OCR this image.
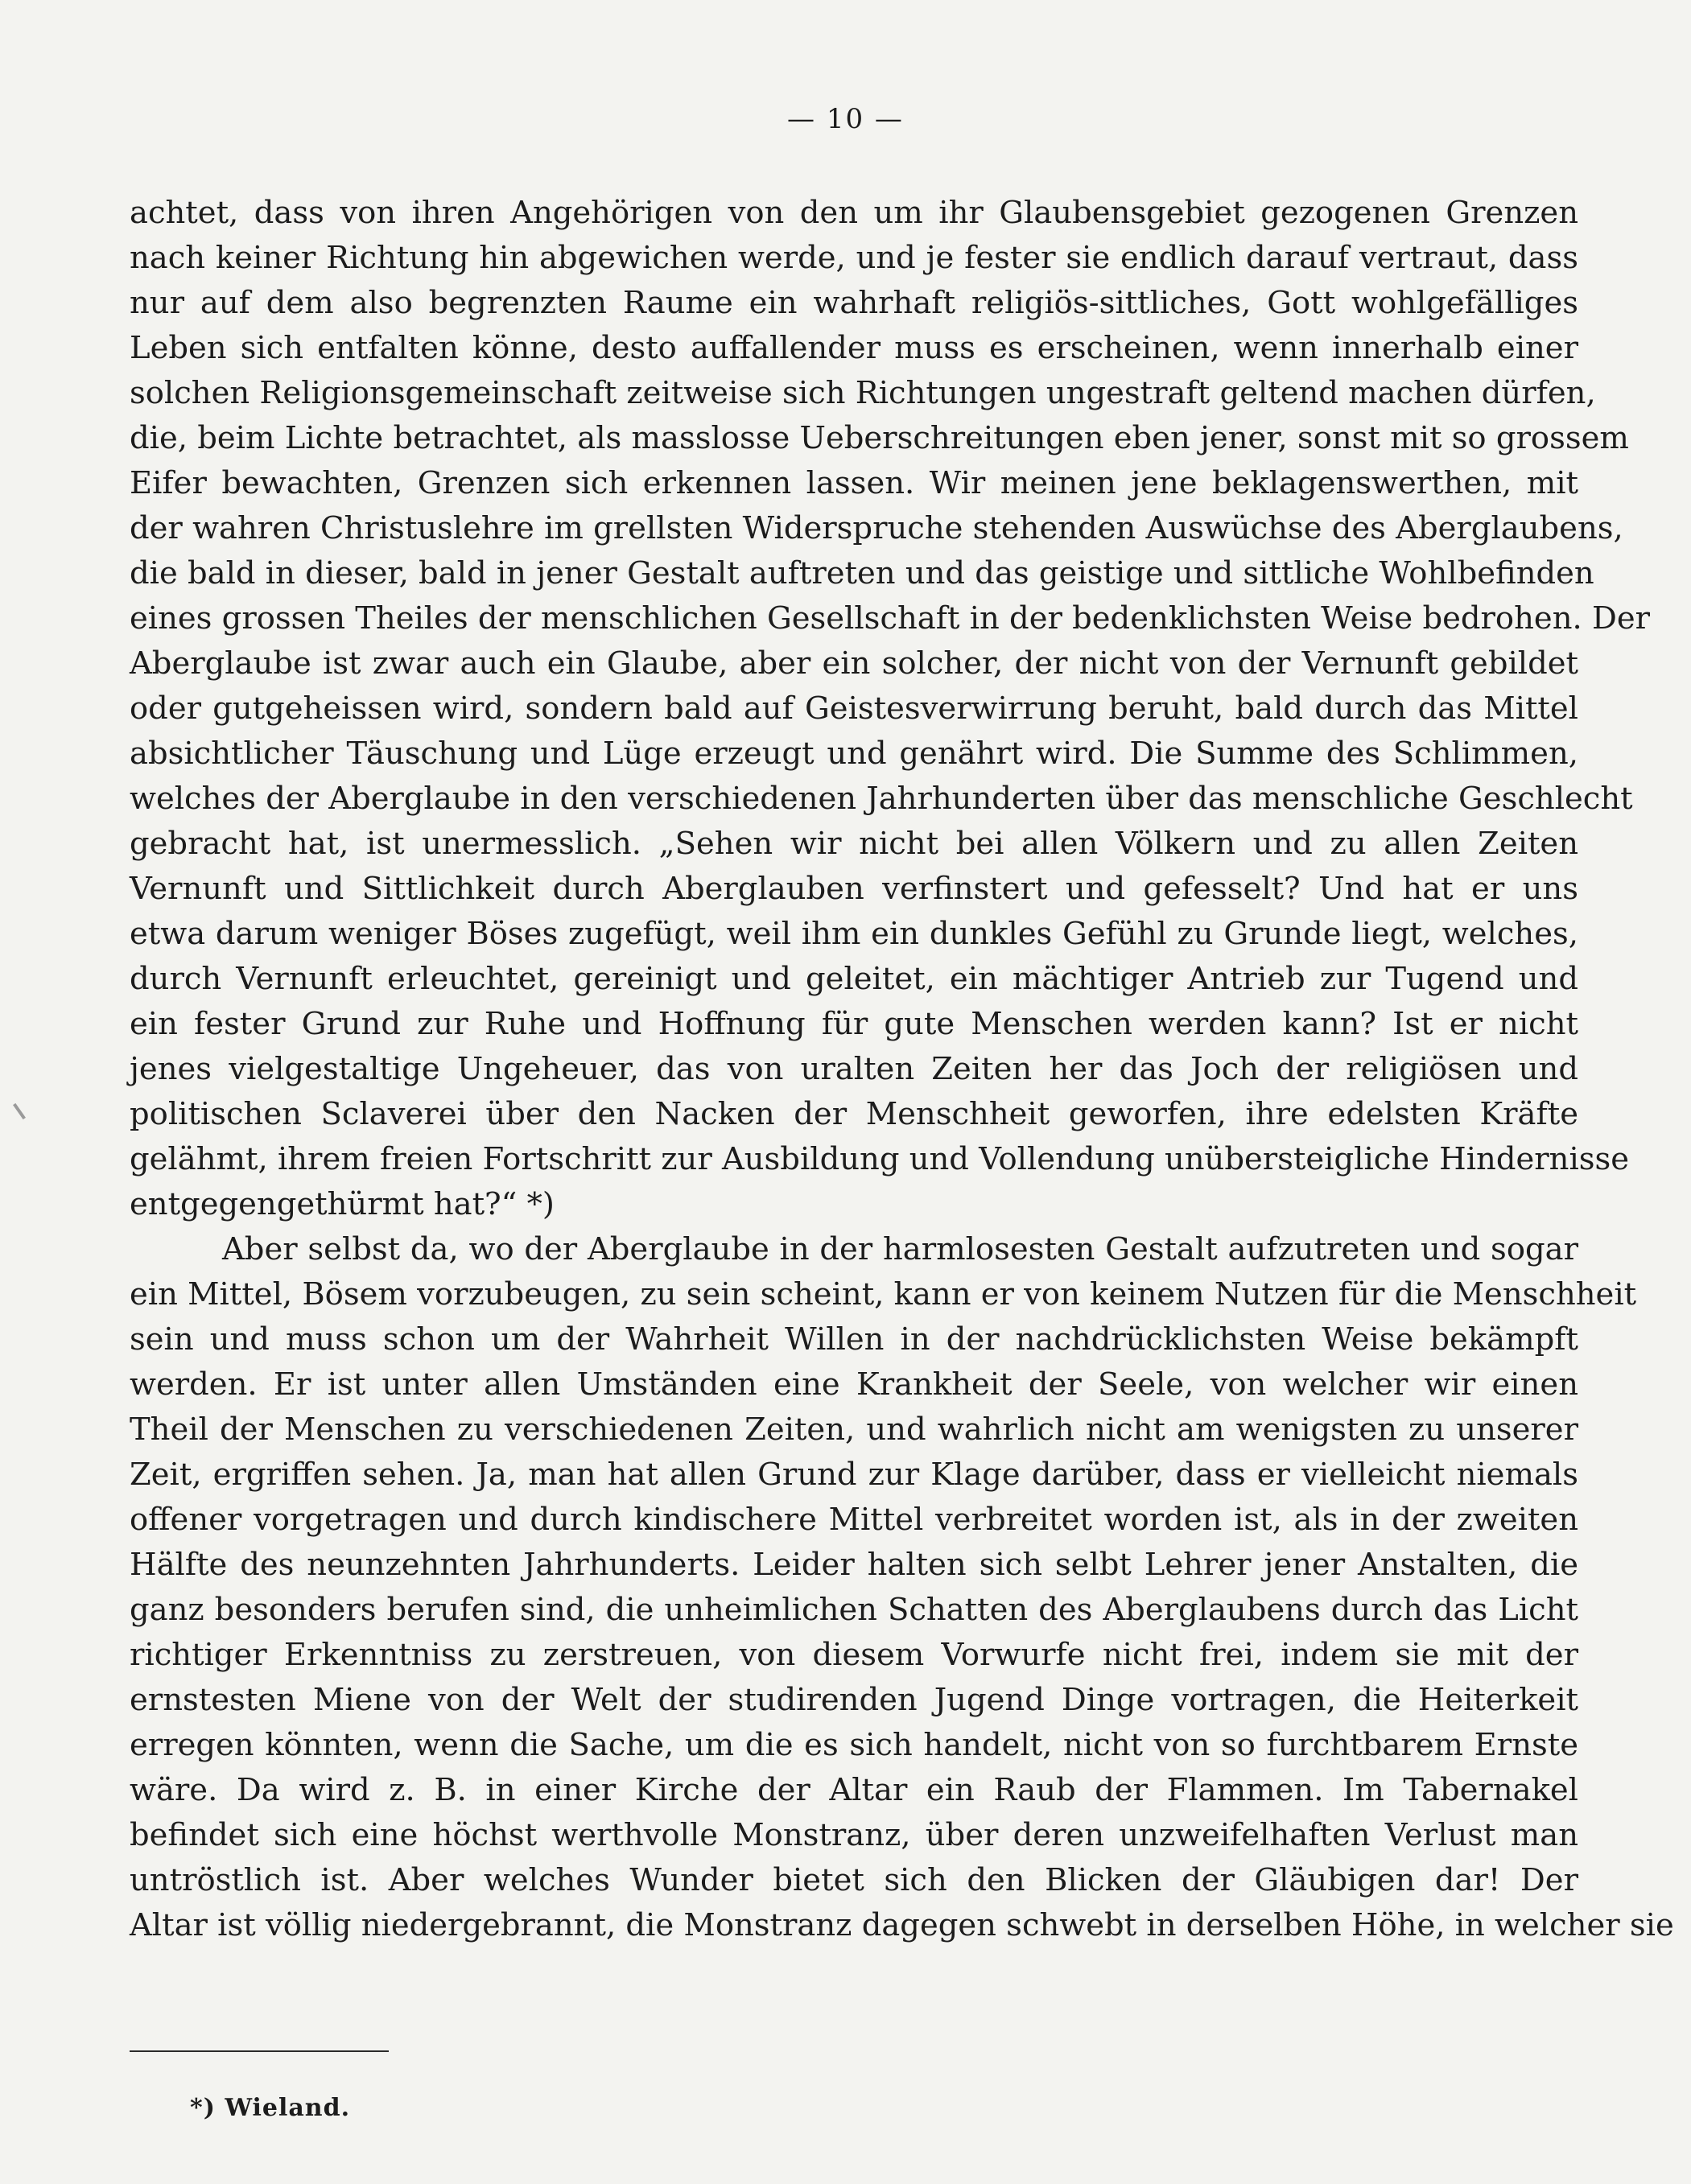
— 10 —
achtet, dass von ihren Angehörigen von den um ihr Glaubensgebiet gezogenen Grenzen
nach keiner Richtung hin abgewichen werde, und je fester sie endlich darauf vertraut, dass
nur auf dem also begrenzten Raume ein wahrhaft religiös-sittliches, Gott wohlgefälliges
Leben sich entfalten könne, desto auffallender muss es erscheinen, wenn innerhalb einer
solchen Religionsgemeinschaft zeitweise sich Richtungen ungestraft geltend machen dürfen,
die, beim Lichte betrachtet, als masslosse Ueberschreitungen eben jener, sonst mit so grossem
Eifer bewachten, Grenzen sich erkennen lassen. Wir meinen jene beklagenswerthen, mit
der wahren Christuslehre im grellsten Widerspruche stehenden Auswüchse des Aberglaubens,
die bald in dieser, bald in jener Gestalt auftreten und das geistige und sittliche Wohlbefinden
eines grossen Theiles der menschlichen Gesellschaft in der bedenklichsten Weise bedrohen. Der
Aberglaube ist zwar auch ein Glaube, aber ein solcher, der nicht von der Vernunft gebildet
oder gutgeheissen wird, sondern bald auf Geistesverwirrung beruht, bald durch das Mittel
absichtlicher Täuschung und Lüge erzeugt und genährt wird. Die Summe des Schlimmen,
welches der Aberglaube in den verschiedenen Jahrhunderten über das menschliche Geschlecht
gebracht hat, ist unermesslich. „Sehen wir nicht bei allen Völkern und zu allen Zeiten
Vernunft und Sittlichkeit durch Aberglauben verfinstert und gefesselt? Und hat er uns
etwa darum weniger Böses zugefügt, weil ihm ein dunkles Gefühl zu Grunde liegt, welches,
durch Vernunft erleuchtet, gereinigt und geleitet, ein mächtiger Antrieb zur Tugend und
ein fester Grund zur Ruhe und Hoffnung für gute Menschen werden kann? Ist er nicht
jenes vielgestaltige Ungeheuer, das von uralten Zeiten her das Joch der religiösen und
politischen Sclaverei über den Nacken der Menschheit geworfen, ihre edelsten Kräfte
gelähmt, ihrem freien Fortschritt zur Ausbildung und Vollendung unübersteigliche Hindernisse
entgegengethürmt hat?“ *)
Aber selbst da, wo der Aberglaube in der harmlosesten Gestalt aufzutreten und sogar
ein Mittel, Bösem vorzubeugen, zu sein scheint, kann er von keinem Nutzen für die Menschheit
sein und muss schon um der Wahrheit Willen in der nachdrücklichsten Weise bekämpft
werden. Er ist unter allen Umständen eine Krankheit der Seele, von welcher wir einen
Theil der Menschen zu verschiedenen Zeiten, und wahrlich nicht am wenigsten zu unserer
Zeit, ergriffen sehen. Ja, man hat allen Grund zur Klage darüber, dass er vielleicht niemals
offener vorgetragen und durch kindischere Mittel verbreitet worden ist, als in der zweiten
Hälfte des neunzehnten Jahrhunderts. Leider halten sich selbt Lehrer jener Anstalten, die
ganz besonders berufen sind, die unheimlichen Schatten des Aberglaubens durch das Licht
richtiger Erkenntniss zu zerstreuen, von diesem Vorwurfe nicht frei, indem sie mit der
ernstesten Miene von der Welt der studirenden Jugend Dinge vortragen, die Heiterkeit
erregen könnten, wenn die Sache, um die es sich handelt, nicht von so furchtbarem Ernste
wäre. Da wird z. B. in einer Kirche der Altar ein Raub der Flammen. Im Tabernakel
befindet sich eine höchst werthvolle Monstranz, über deren unzweifelhaften Verlust man
untröstlich ist. Aber welches Wunder bietet sich den Blicken der Gläubigen dar! Der
Altar ist völlig niedergebrannt, die Monstranz dagegen schwebt in derselben Höhe, in welcher sie
*) Wieland.
